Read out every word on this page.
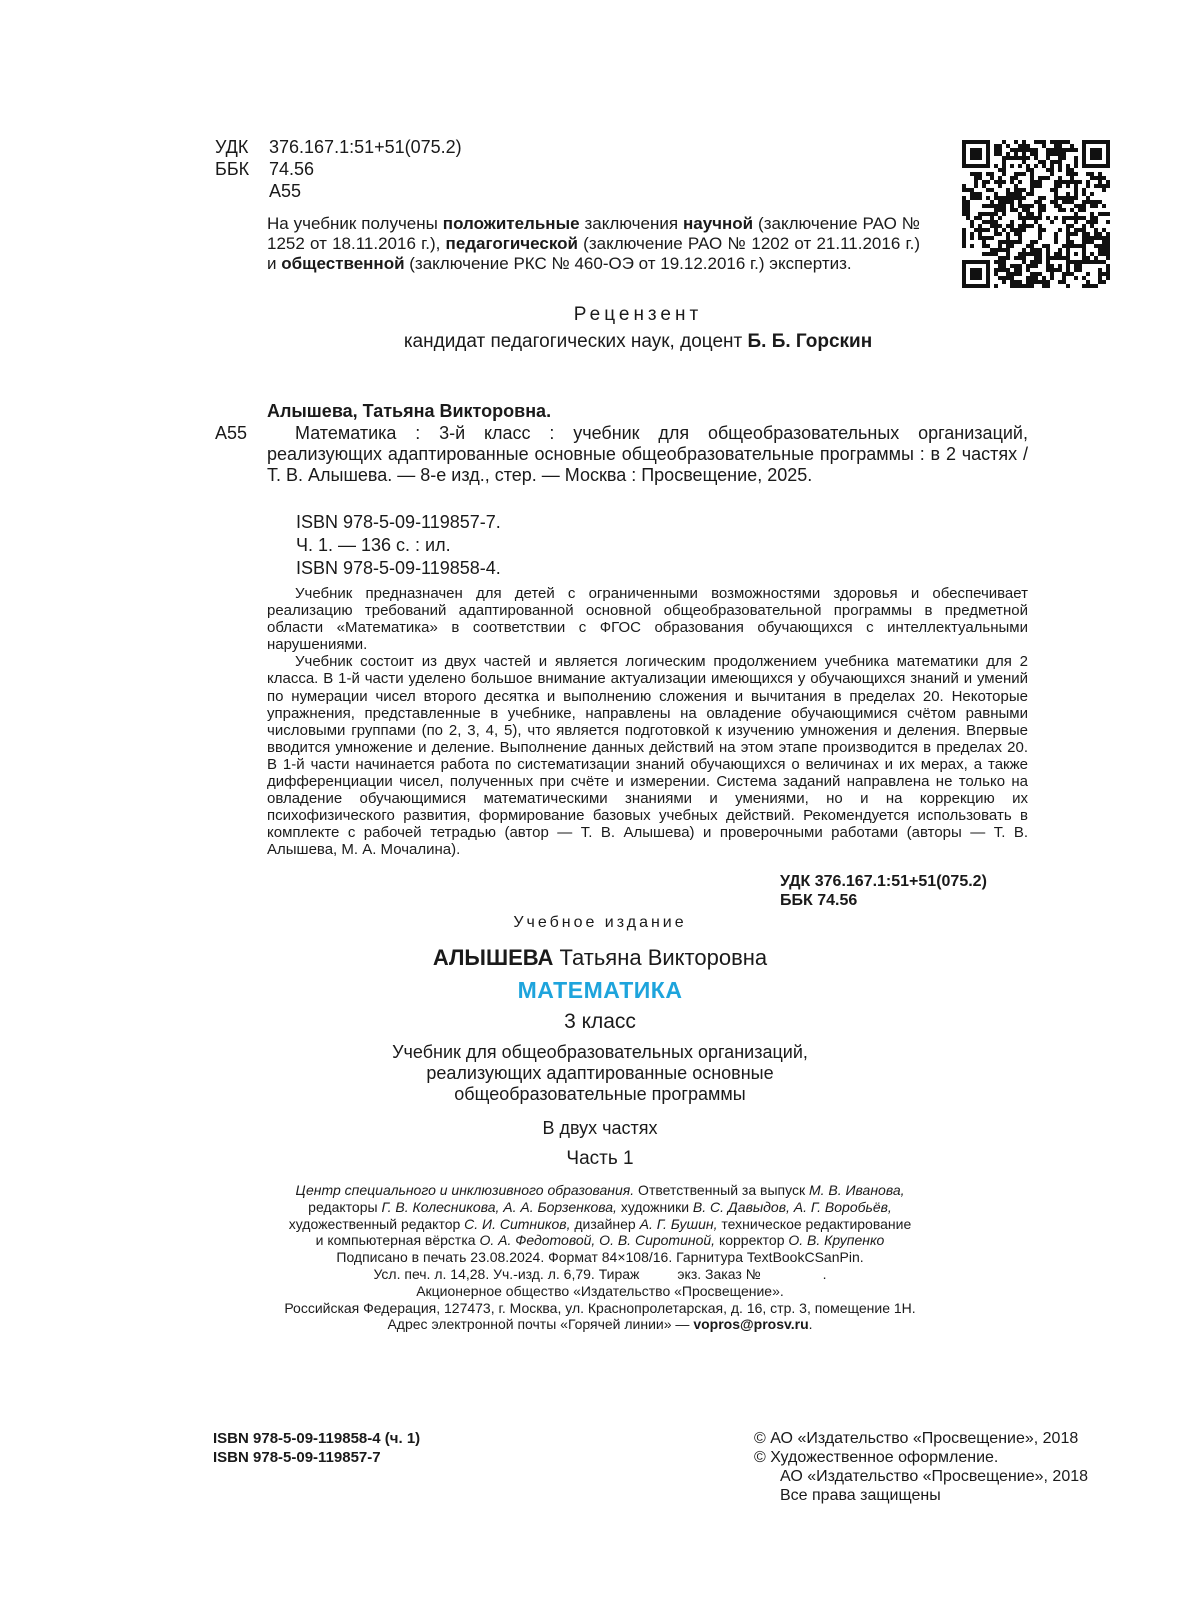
УДК 376.167.1:51+51(075.2)
ББК 74.56
А55

На учебник получены положительные заключения научной (заключение РАО № 1252 от 18.11.2016 г.), педагогической (заключение РАО № 1202 от 21.11.2016 г.) и общественной (заключение РКС № 460-ОЭ от 19.12.2016 г.) экспертиз.

Рецензент
кандидат педагогических наук, доцент Б. Б. Горскин
Алышева, Татьяна Викторовна.
А55	Математика : 3-й класс : учебник для общеобразовательных организаций, реализующих адаптированные основные общеобразовательные программы : в 2 частях / Т. В. Алышева. — 8-е изд., стер. — Москва : Просвещение, 2025.
ISBN 978-5-09-119857-7.
Ч. 1. — 136 с. : ил.
ISBN 978-5-09-119858-4.

Учебник предназначен для детей с ограниченными возможностями здоровья и обеспечивает реализацию требований адаптированной основной общеобразовательной программы в предметной области «Математика» в соответствии с ФГОС образования обучающихся с интеллектуальными нарушениями.

Учебник состоит из двух частей и является логическим продолжением учебника математики для 2 класса. В 1-й части уделено большое внимание актуализации имеющихся у обучающихся знаний и умений по нумерации чисел второго десятка и выполнению сложения и вычитания в пределах 20. Некоторые упражнения, представленные в учебнике, направлены на овладение обучающимися счётом равными числовыми группами (по 2, 3, 4, 5), что является подготовкой к изучению умножения и деления. Впервые вводится умножение и деление. Выполнение данных действий на этом этапе производится в пределах 20. В 1-й части начинается работа по систематизации знаний обучающихся о величинах и их мерах, а также дифференциации чисел, полученных при счёте и измерении. Система заданий направлена не только на овладение обучающимися математическими знаниями и умениями, но и на коррекцию их психофизического развития, формирование базовых учебных действий. Рекомендуется использовать в комплекте с рабочей тетрадью (автор — Т. В. Алышева) и проверочными работами (авторы — Т. В. Алышева, М. А. Мочалина).

УДК 376.167.1:51+51(075.2)
ББК 74.56
Учебное издание
АЛЫШЕВА Татьяна Викторовна
МАТЕМАТИКА
3 класс
Учебник для общеобразовательных организаций,
реализующих адаптированные основные
общеобразовательные программы
В двух частях
Часть 1
Центр специального и инклюзивного образования. Ответственный за выпуск М. В. Иванова,
редакторы Г. В. Колесникова, А. А. Борзенкова, художники В. С. Давыдов, А. Г. Воробьёв,
художественный редактор С. И. Ситников, дизайнер А. Г. Бушин, техническое редактирование
и компьютерная вёрстка О. А. Федотовой, О. В. Сиротиной, корректор О. В. Крупенко
Подписано в печать 23.08.2024. Формат 84×108/16. Гарнитура TextBookCSanPin.
Усл. печ. л. 14,28. Уч.-изд. л. 6,79. Тираж	экз. Заказ №	.
Акционерное общество «Издательство «Просвещение».
Российская Федерация, 127473, г. Москва, ул. Краснопролетарская, д. 16, стр. 3, помещение 1Н.
Адрес электронной почты «Горячей линии» — vopros@prosv.ru.
ISBN 978-5-09-119858-4 (ч. 1)
ISBN 978-5-09-119857-7
© АО «Издательство «Просвещение», 2018
© Художественное оформление.
АО «Издательство «Просвещение», 2018
Все права защищены
